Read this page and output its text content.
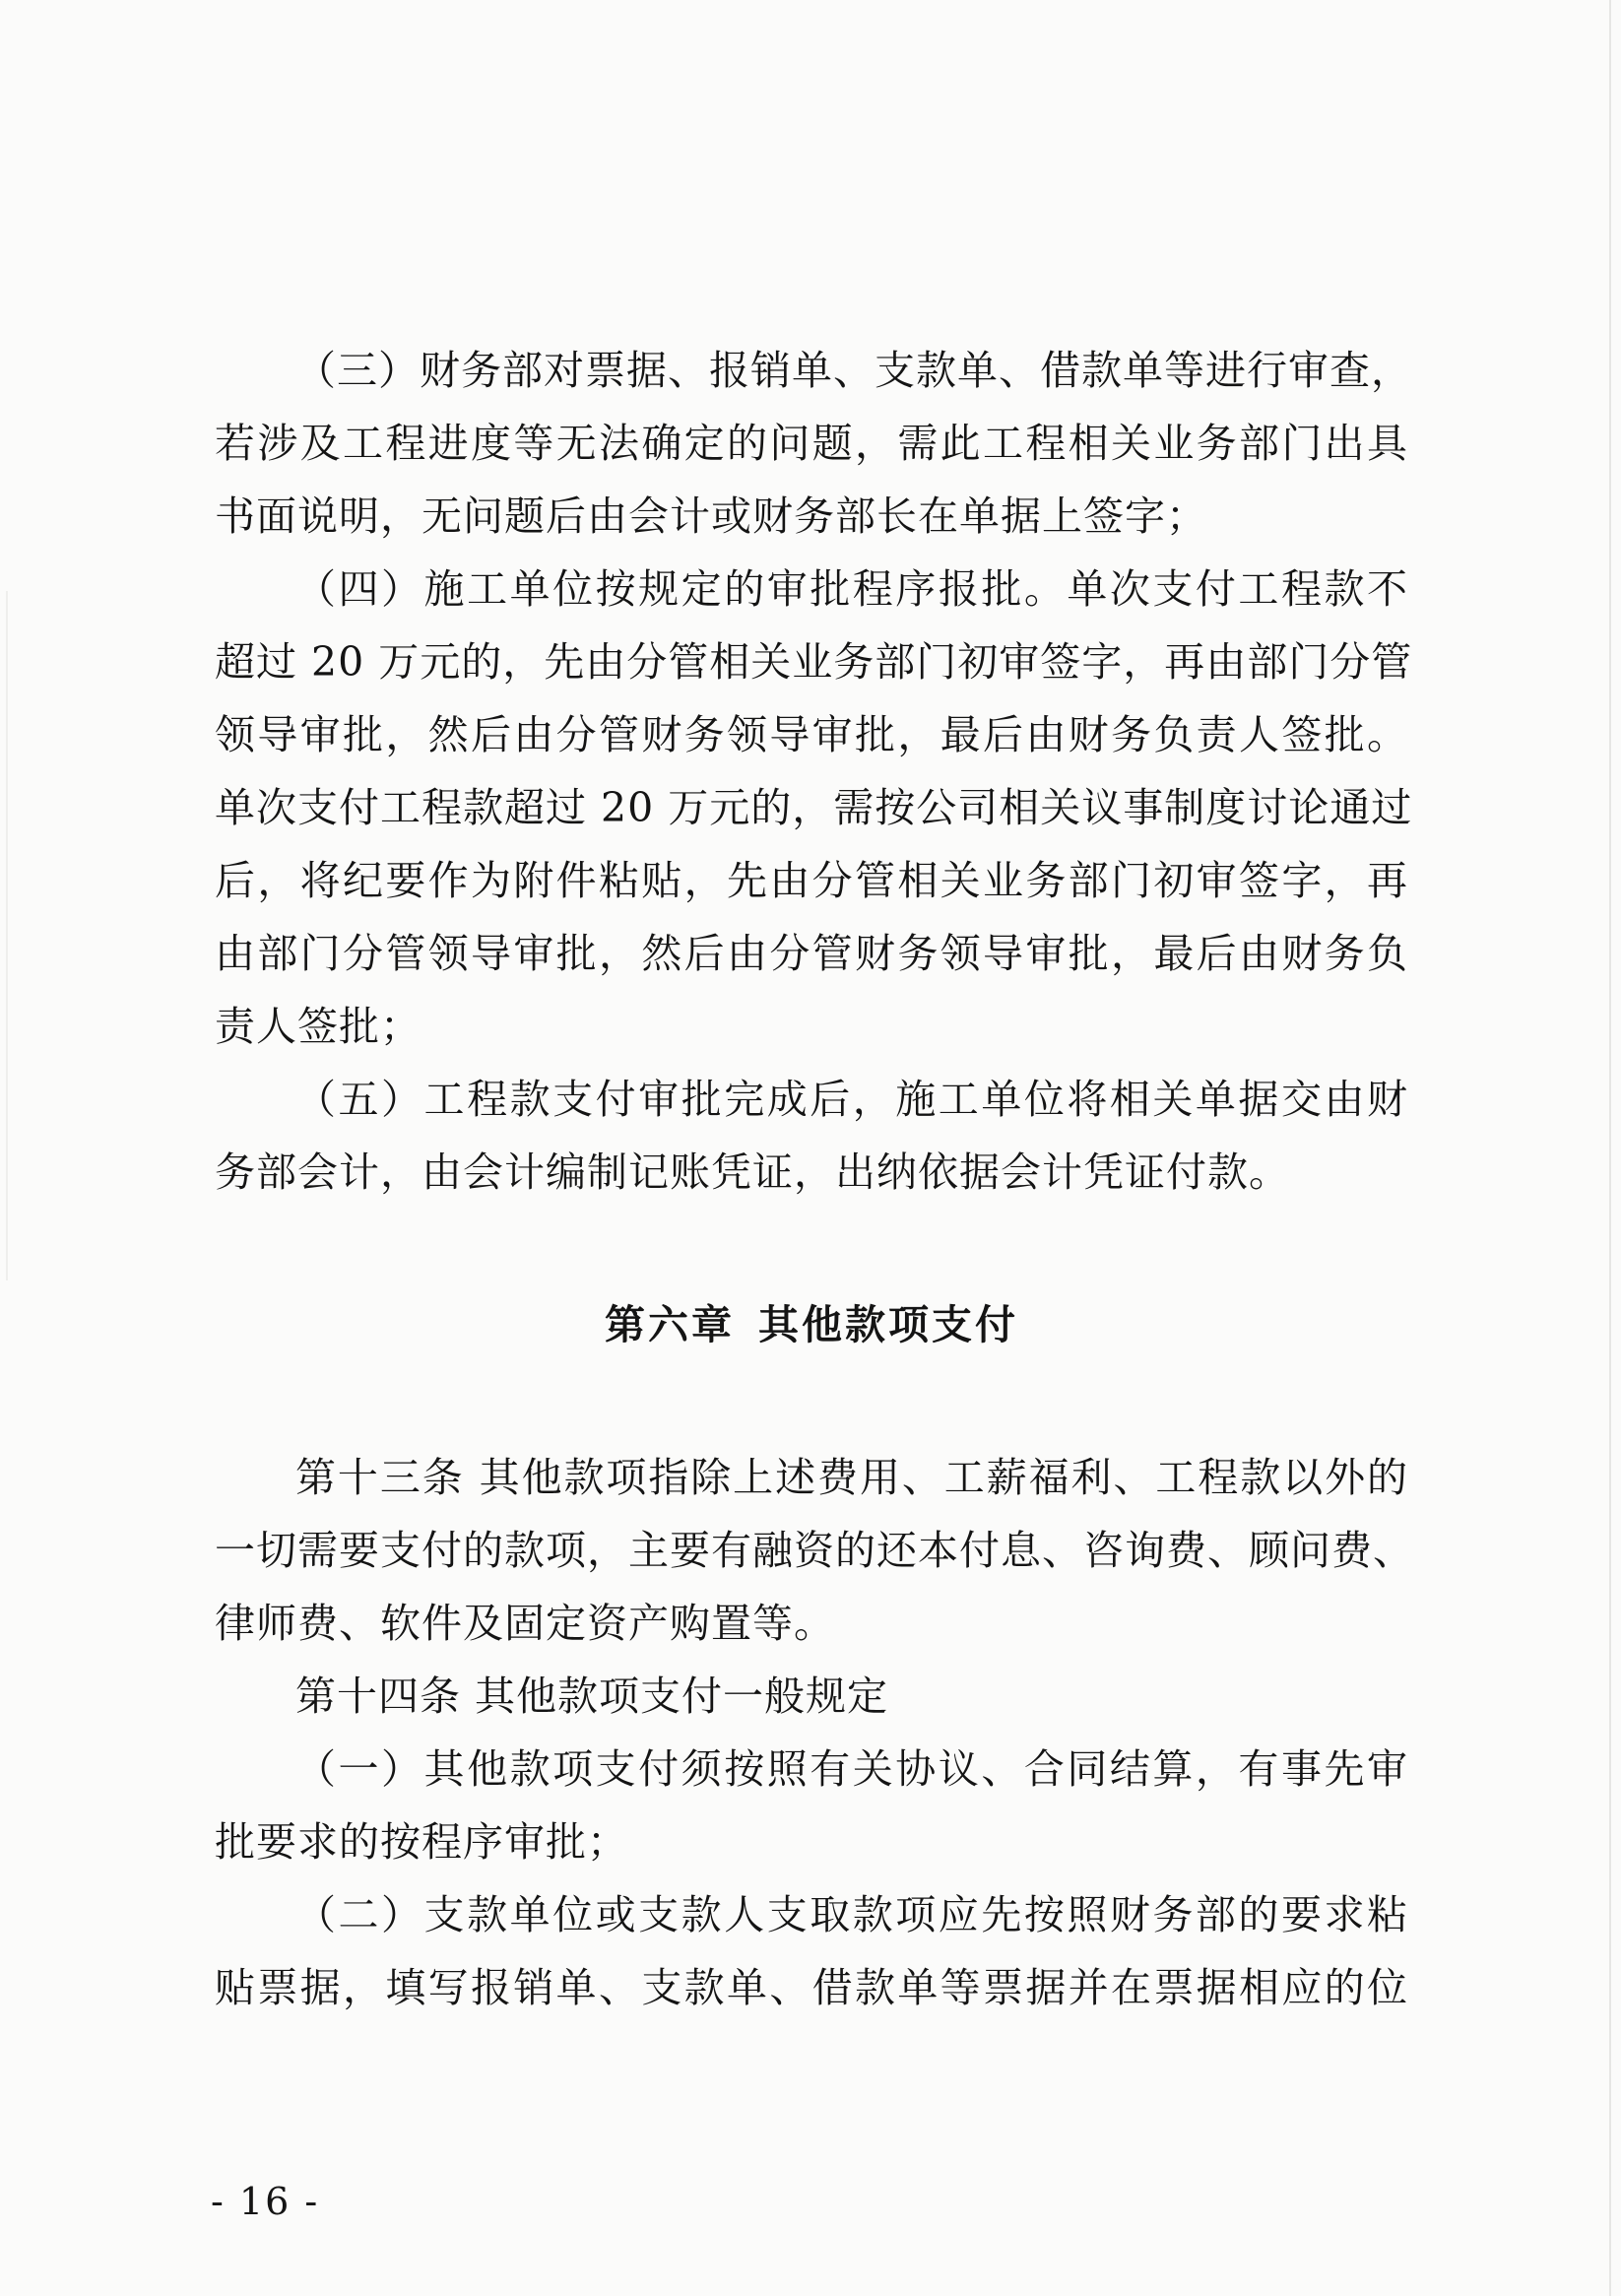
（三）财务部对票据、报销单、支款单、借款单等进行审查，
若涉及工程进度等无法确定的问题，需此工程相关业务部门出具
书面说明，无问题后由会计或财务部长在单据上签字；
（四）施工单位按规定的审批程序报批。单次支付工程款不
超过 20 万元的，先由分管相关业务部门初审签字，再由部门分管
领导审批，然后由分管财务领导审批，最后由财务负责人签批。
单次支付工程款超过 20 万元的，需按公司相关议事制度讨论通过
后，将纪要作为附件粘贴，先由分管相关业务部门初审签字，再
由部门分管领导审批，然后由分管财务领导审批，最后由财务负
责人签批；
（五）工程款支付审批完成后，施工单位将相关单据交由财
务部会计，由会计编制记账凭证，出纳依据会计凭证付款。
第六章 其他款项支付
第十三条 其他款项指除上述费用、工薪福利、工程款以外的
一切需要支付的款项，主要有融资的还本付息、咨询费、顾问费、
律师费、软件及固定资产购置等。
第十四条 其他款项支付一般规定
（一）其他款项支付须按照有关协议、合同结算，有事先审
批要求的按程序审批；
（二）支款单位或支款人支取款项应先按照财务部的要求粘
贴票据，填写报销单、支款单、借款单等票据并在票据相应的位
- 16 -
